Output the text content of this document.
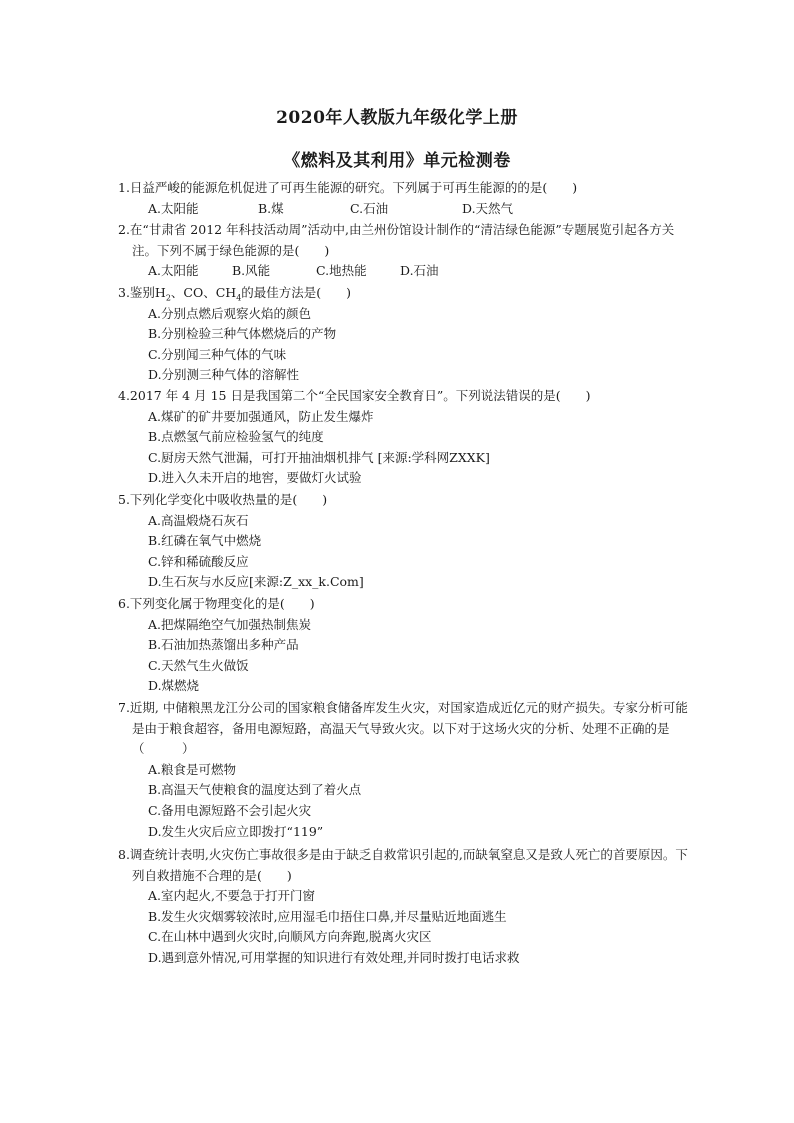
2020年人教版九年级化学上册
《燃料及其利用》单元检测卷

1.日益严峻的能源危机促进了可再生能源的研究。下列属于可再生能源的的是(　　)

A.太阳能	B.煤	C.石油	D.天然气

2.在“甘肃省 2012 年科技活动周”活动中,由兰州份馆设计制作的“清洁绿色能源”专题展览引起各方关注。下列不属于绿色能源的是(　　)

A.太阳能	B.风能	C.地热能	D.石油

3.鉴别$H_2$、CO、$CH_4$的最佳方法是(　　)

A.分别点燃后观察火焰的颜色

B.分别检验三种气体燃烧后的产物

C.分别闻三种气体的气味

D.分别测三种气体的溶解性

4.2017 年 4 月 15 日是我国第二个“全民国家安全教育日”。下列说法错误的是(　　)

A.煤矿的矿井要加强通风，防止发生爆炸

B.点燃氢气前应检验氢气的纯度

C.厨房天然气泄漏，可打开抽油烟机排气 [来源:学科网ZXXK]

D.进入久未开启的地窖，要做灯火试验

5.下列化学变化中吸收热量的是(　　)

A.高温煅烧石灰石

B.红磷在氧气中燃烧

C.锌和稀硫酸反应

D.生石灰与水反应[来源:Z_xx_k.Com]

6.下列变化属于物理变化的是(　　)

A.把煤隔绝空气加强热制焦炭

B.石油加热蒸馏出多种产品

C.天然气生火做饭

D.煤燃烧

7.近期, 中储粮黑龙江分公司的国家粮食储备库发生火灾，对国家造成近亿元的财产损失。专家分析可能是由于粮食超容，备用电源短路，高温天气导致火灾。以下对于这场火灾的分析、处理不正确的是 （　　　）

A.粮食是可燃物

B.高温天气使粮食的温度达到了着火点

C.备用电源短路不会引起火灾

D.发生火灾后应立即拨打“119”

8.调查统计表明,火灾伤亡事故很多是由于缺乏自救常识引起的,而缺氧窒息又是致人死亡的首要原因。下列自救措施不合理的是(　　)

A.室内起火,不要急于打开门窗

B.发生火灾烟雾较浓时,应用湿毛巾捂住口鼻,并尽量贴近地面逃生

C.在山林中遇到火灾时,向顺风方向奔跑,脱离火灾区

D.遇到意外情况,可用掌握的知识进行有效处理,并同时拨打电话求救
